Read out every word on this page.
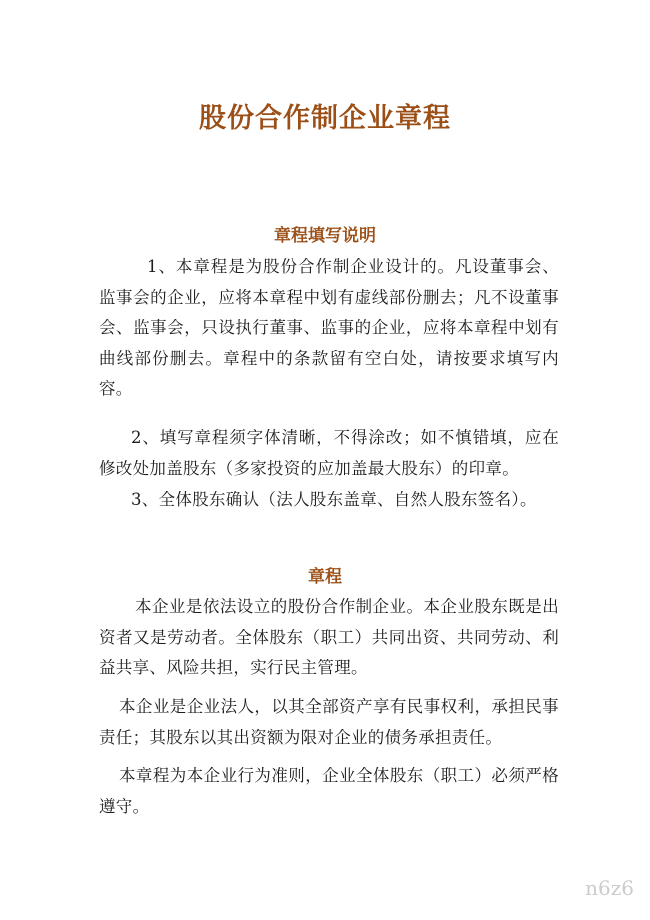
股份合作制企业章程
章程填写说明

1、本章程是为股份合作制企业设计的。凡设董事会、监事会的企业，应将本章程中划有虚线部份删去；凡不设董事会、监事会，只设执行董事、监事的企业，应将本章程中划有曲线部份删去。章程中的条款留有空白处，请按要求填写内容。

2、填写章程须字体清晰，不得涂改；如不慎错填，应在修改处加盖股东（多家投资的应加盖最大股东）的印章。

3、全体股东确认（法人股东盖章、自然人股东签名）。

章程

本企业是依法设立的股份合作制企业。本企业股东既是出资者又是劳动者。全体股东（职工）共同出资、共同劳动、利益共享、风险共担，实行民主管理。

本企业是企业法人，以其全部资产享有民事权利，承担民事责任；其股东以其出资额为限对企业的债务承担责任。

本章程为本企业行为准则，企业全体股东（职工）必须严格遵守。

n6z6
